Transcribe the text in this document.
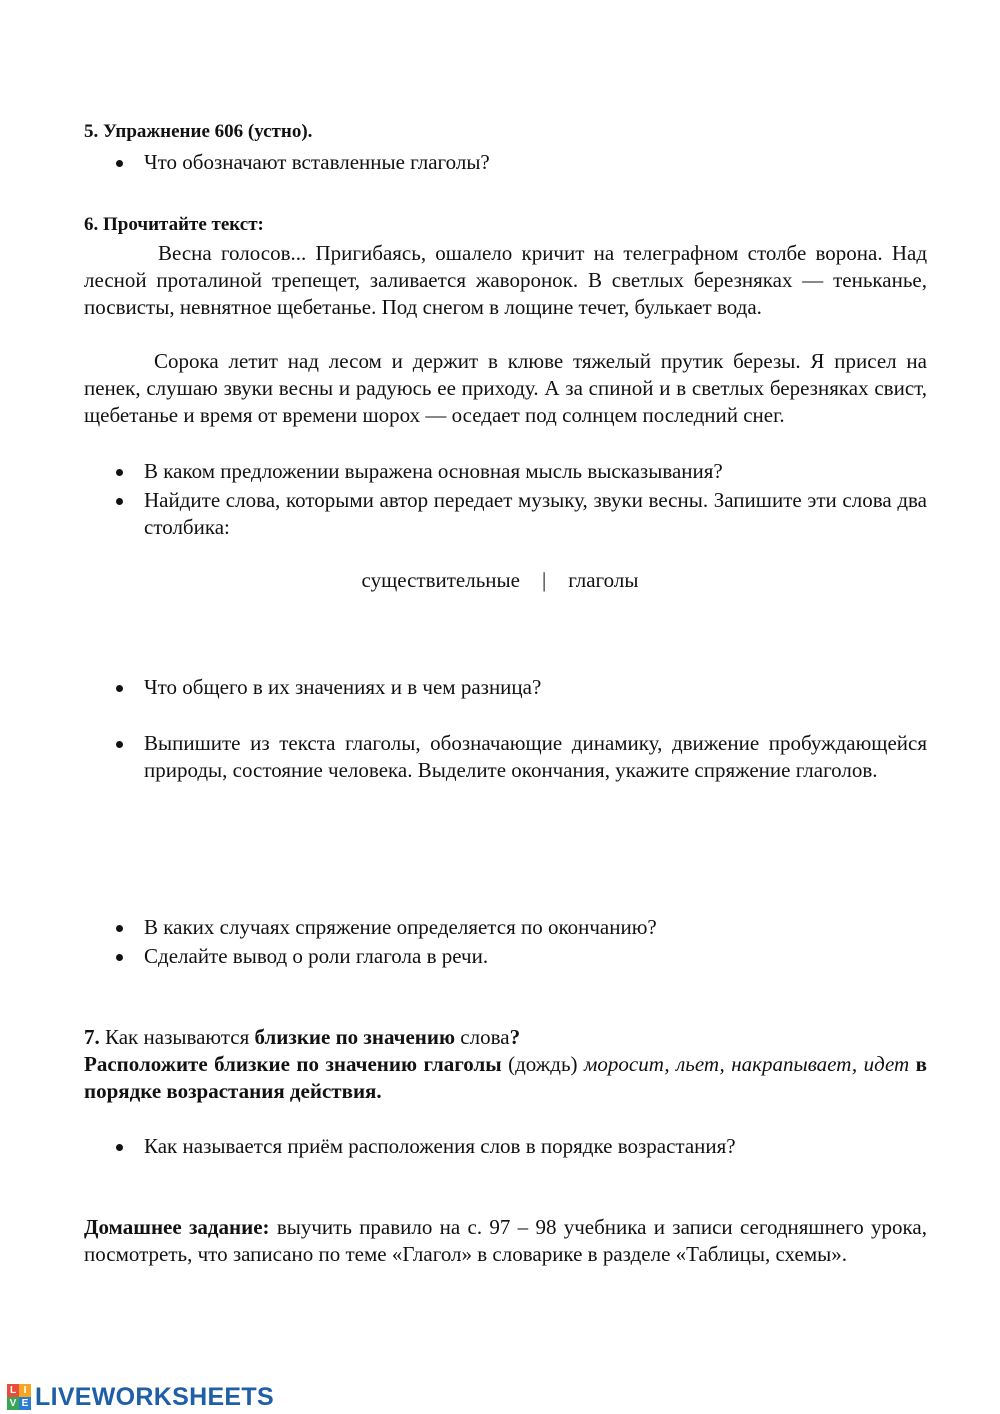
5. Упражнение 606 (устно).
Что обозначают вставленные глаголы?
6. Прочитайте текст:
Весна голосов... Пригибаясь, ошалело кричит на телеграфном столбе ворона. Над лесной проталиной трепещет, заливается жаворонок. В светлых березняках — теньканье, посвисты, невнятное щебетанье. Под снегом в лощине течет, булькает вода.
Сорока летит над лесом и держит в клюве тяжелый прутик березы. Я присел на пенек, слушаю звуки весны и радуюсь ее приходу. А за спиной и в светлых березняках свист, щебетанье и время от времени шорох — оседает под солнцем последний снег.
В каком предложении выражена основная мысль высказывания?
Найдите слова, которыми автор передает музыку, звуки весны. Запишите эти слова два столбика:
существительные | глаголы
Что общего в их значениях и в чем разница?
Выпишите из текста глаголы, обозначающие динамику, движение пробуждающейся природы, состояние человека. Выделите окончания, укажите спряжение глаголов.
В каких случаях спряжение определяется по окончанию?
Сделайте вывод о роли глагола в речи.
7. Как называются близкие по значению слова?
Расположите близкие по значению глаголы (дождь) моросит, льет, накрапывает, идет в порядке возрастания действия.
Как называется приём расположения слов в порядке возрастания?
Домашнее задание: выучить правило на с. 97 – 98 учебника и записи сегодняшнего урока, посмотреть, что записано по теме «Глагол» в словарике в разделе «Таблицы, схемы».
L I
V E LIVEWORKSHEETS
